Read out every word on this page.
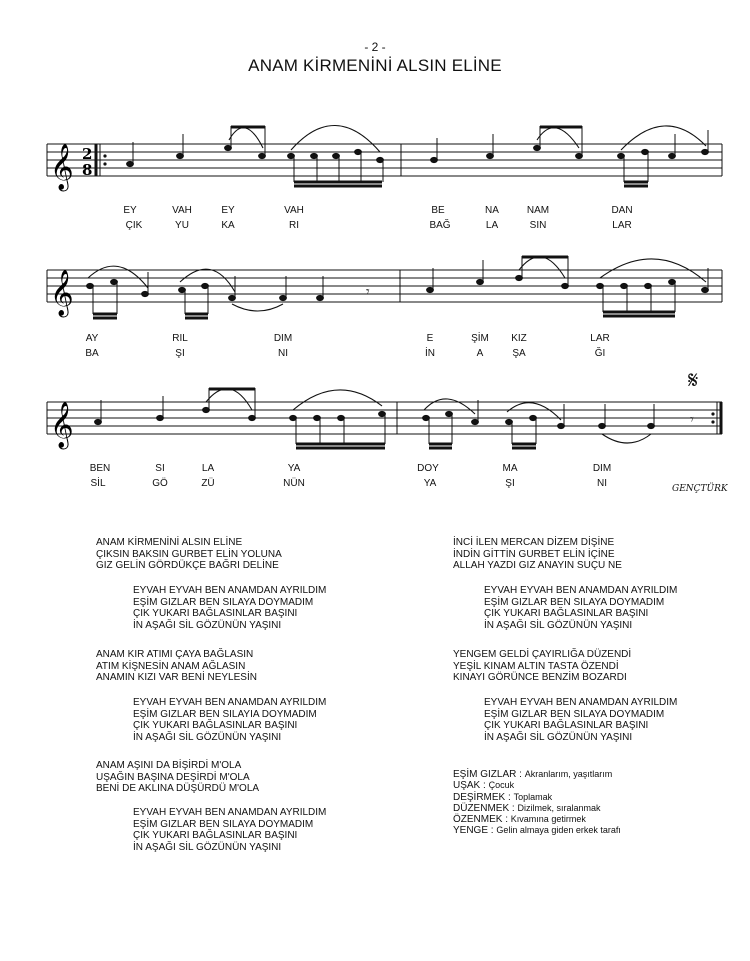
- 2 -
ANAM KİRMENİNİ ALSIN ELİNE
𝄞 2
8
𝄞	𝄾
𝄞	𝄾
𝄋
EY	VAH	EY	VAH	BE	NA	NAM	DAN
ÇIK	YU	KA	RI	BAĞ	LA	SIN	LAR
AY	RIL	DIM	E	ŞİM KIZ	LAR
BA	ŞI	NI	İN	A	ŞA	ĞI
BEN	SI	LA	YA	DOY	MA	DIM
SİL	GÖ	ZÜ	NÜN	YA	ŞI	NI	GENÇTÜRK
ANAM KİRMENİNİ ALSIN ELİNE
ÇIKSIN BAKSIN GURBET ELİN YOLUNA
GIZ GELİN GÖRDÜKÇE BAĞRI DELİNE
EYVAH EYVAH BEN ANAMDAN AYRILDIM
EŞİM GIZLAR BEN SILAYA DOYMADIM
ÇIK YUKARI BAĞLASINLAR BAŞINI
İN AŞAĞI SİL GÖZÜNÜN YAŞINI
ANAM KIR ATIMI ÇAYA BAĞLASIN
ATIM KİŞNESİN ANAM AĞLASIN
ANAMIN KIZI VAR BENİ NEYLESİN
EYVAH EYVAH BEN ANAMDAN AYRILDIM
EŞİM GIZLAR BEN SILAYIA DOYMADIM
ÇIK YUKARI BAĞLASINLAR BAŞINI
İN AŞAĞI SİL GÖZÜNÜN YAŞINI
ANAM AŞINI DA BİŞİRDİ M'OLA
UŞAĞIN BAŞINA DEŞİRDİ M'OLA
BENİ DE AKLINA DÜŞÜRDÜ M'OLA
EYVAH EYVAH BEN ANAMDAN AYRILDIM
EŞİM GIZLAR BEN SILAYA DOYMADIM
ÇIK YUKARI BAĞLASINLAR BAŞINI
İN AŞAĞI SİL GÖZÜNÜN YAŞINI
İNCİ İLEN MERCAN DİZEM DİŞİNE
İNDİN GİTTİN GURBET ELİN İÇİNE
ALLAH YAZDI GIZ ANAYIN SUÇU NE
EYVAH EYVAH BEN ANAMDAN AYRILDIM
EŞİM GIZLAR BEN SILAYA DOYMADIM
ÇIK YUKARI BAĞLASINLAR BAŞINI
İN AŞAĞI SİL GÖZÜNÜN YAŞINI
YENGEM GELDİ ÇAYIRLIĞA DÜZENDİ
YEŞİL KINAM ALTIN TASTA ÖZENDİ
KINAYI GÖRÜNCE BENZİM BOZARDI
EYVAH EYVAH BEN ANAMDAN AYRILDIM
EŞİM GIZLAR BEN SILAYA DOYMADIM
ÇIK YUKARI BAĞLASINLAR BAŞINI
İN AŞAĞI SİL GÖZÜNÜN YAŞINI
EŞİM GIZLAR : Akranlarım, yaşıtlarım
UŞAK : Çocuk
DEŞİRMEK : Toplamak
DÜZENMEK : Dizilmek, sıralanmak
ÖZENMEK : Kıvamına getirmek
YENGE : Gelin almaya giden erkek tarafı
